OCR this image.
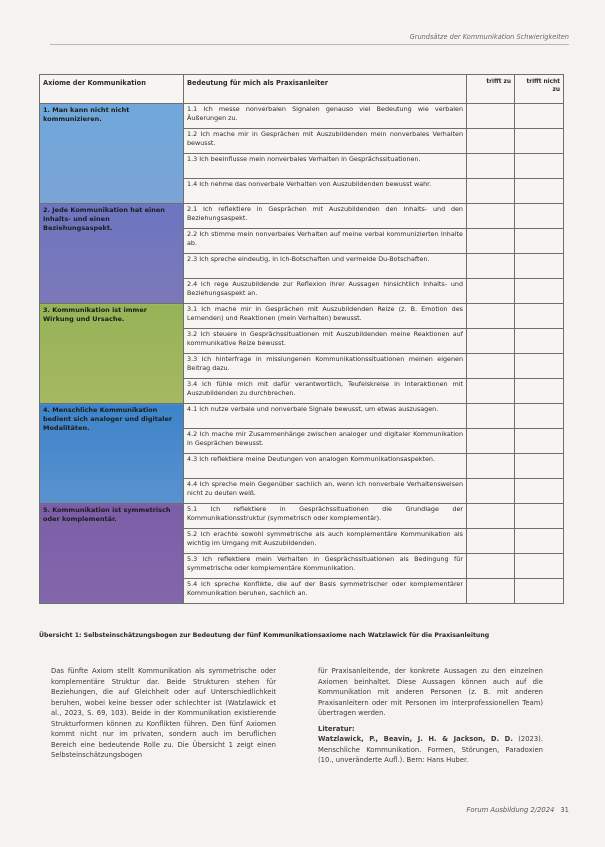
Grundsätze der Kommunikation Schwierigkeiten
Axiome der Kommunikation	Bedeutung für mich als Praxisanleiter	trifft zu	trifft nicht zu
1. Man kann nicht nicht kommunizieren.	1.1 Ich messe nonverbalen Signalen genauso viel Bedeutung wie verbalen Äußerungen zu.		
	1.2 Ich mache mir in Gesprächen mit Auszubildenden mein nonverbales Verhalten bewusst.		
	1.3 Ich beeinflusse mein nonverbales Verhalten in Gesprächssituationen.		
	1.4 Ich nehme das nonverbale Verhalten von Auszubildenden bewusst wahr.		
2. Jede Kommunikation hat einen Inhalts- und einen Beziehungsaspekt.	2.1 Ich reflektiere in Gesprächen mit Auszubildenden den Inhalts- und den Beziehungsaspekt.		
	2.2 Ich stimme mein nonverbales Verhalten auf meine verbal kommunizierten Inhalte ab.		
	2.3 Ich spreche eindeutig, in Ich-Botschaften und vermeide Du-Botschaften.		
	2.4 Ich rege Auszubildende zur Reflexion ihrer Aussagen hinsichtlich Inhalts- und Beziehungsaspekt an.		
3. Kommunikation ist immer Wirkung und Ursache.	3.1 Ich mache mir in Gesprächen mit Auszubildenden Reize (z. B. Emotion des Lernenden) und Reaktionen (mein Verhalten) bewusst.		
	3.2 Ich steuere in Gesprächssituationen mit Auszubildenden meine Reaktionen auf kommunikative Reize bewusst.		
	3.3 Ich hinterfrage in misslungenen Kommunikationssituationen meinen eigenen Beitrag dazu.		
	3.4 Ich fühle mich mit dafür verantwortlich, Teufelskreise in Interaktionen mit Auszubildenden zu durchbrechen.		
4. Menschliche Kommunikation bedient sich analoger und digitaler Modalitäten.	4.1 Ich nutze verbale und nonverbale Signale bewusst, um etwas auszusagen.		
	4.2 Ich mache mir Zusammenhänge zwischen analoger und digitaler Kommunikation in Gesprächen bewusst.		
	4.3 Ich reflektiere meine Deutungen von analogen Kommunikationsaspekten.		
	4.4 Ich spreche mein Gegenüber sachlich an, wenn ich nonverbale Verhaltensweisen nicht zu deuten weiß.		
5. Kommunikation ist symmetrisch oder komplementär.	5.1 Ich reflektiere in Gesprächssituationen die Grundlage der Kommunikationsstruktur (symmetrisch oder komplementär).		
	5.2 Ich erachte sowohl symmetrische als auch komplementäre Kommunikation als wichtig im Umgang mit Auszubildenden.		
	5.3 Ich reflektiere mein Verhalten in Gesprächssituationen als Bedingung für symmetrische oder komplementäre Kommunikation.		
	5.4 Ich spreche Konflikte, die auf der Basis symmetrischer oder komplementärer Kommunikation beruhen, sachlich an.		
Übersicht 1: Selbsteinschätzungsbogen zur Bedeutung der fünf Kommunikationsaxiome nach Watzlawick für die Praxisanleitung

Das fünfte Axiom stellt Kommunikation als symmetrische oder komplementäre Struktur dar. Beide Strukturen stehen für Beziehungen, die auf Gleichheit oder auf Unterschiedlichkeit beruhen, wobei keine besser oder schlechter ist (Watzlawick et al., 2023, S. 69, 103). Beide in der Kommunikation existierende Strukturformen können zu Konflikten führen. Den fünf Axiomen kommt nicht nur im privaten, sondern auch im beruflichen Bereich eine bedeutende Rolle zu. Die Übersicht 1 zeigt einen Selbsteinschätzungsbogen

für Praxisanleitende, der konkrete Aussagen zu den einzelnen Axiomen beinhaltet. Diese Aussagen können auch auf die Kommunikation mit anderen Personen (z. B. mit anderen Praxisanleitern oder mit Personen im interprofessionellen Team) übertragen werden.

Literatur:

Watzlawick, P., Beavin, J. H. & Jackson, D. D. (2023). Menschliche Kommunikation. Formen, Störungen, Paradoxien (10., unveränderte Aufl.). Bern: Hans Huber.

Forum Ausbildung 2/2024 31
